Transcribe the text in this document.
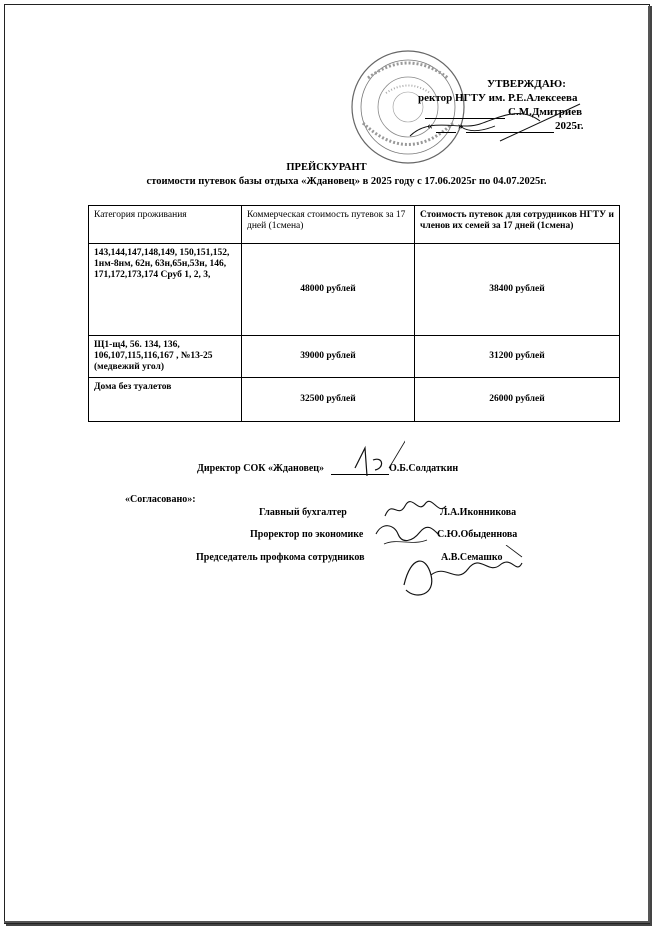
УТВЕРЖДАЮ:
ректор НГТУ им. Р.Е.Алексеева
С.М.Дмитриев
« »	2025г.
ПРЕЙСКУРАНТ
стоимости путевок базы отдыха «Ждановец» в 2025 году с 17.06.2025г по 04.07.2025г.
Категория проживания	Коммерческая стоимость путевок за 17 дней (1смена)	Стоимость путевок для сотрудников НГТУ и членов их семей за 17 дней (1смена)
143,144,147,148,149, 150,151,152, 1нм-8нм, 62н, 63н,65н,53н, 146, 171,172,173,174 Сруб 1, 2, 3,	48000 рублей	38400 рублей
Щ1-щ4, 56. 134, 136, 106,107,115,116,167 , №13-25 (медвежий угол)	39000 рублей	31200 рублей
Дома без туалетов	32500 рублей	26000 рублей
Директор СОК «Ждановец»	О.Б.Солдаткин
«Согласовано»:
Главный бухгалтер	Л.А.Иконникова
Проректор по экономике	С.Ю.Обыденнова
Председатель профкома сотрудников	А.В.Семашко
